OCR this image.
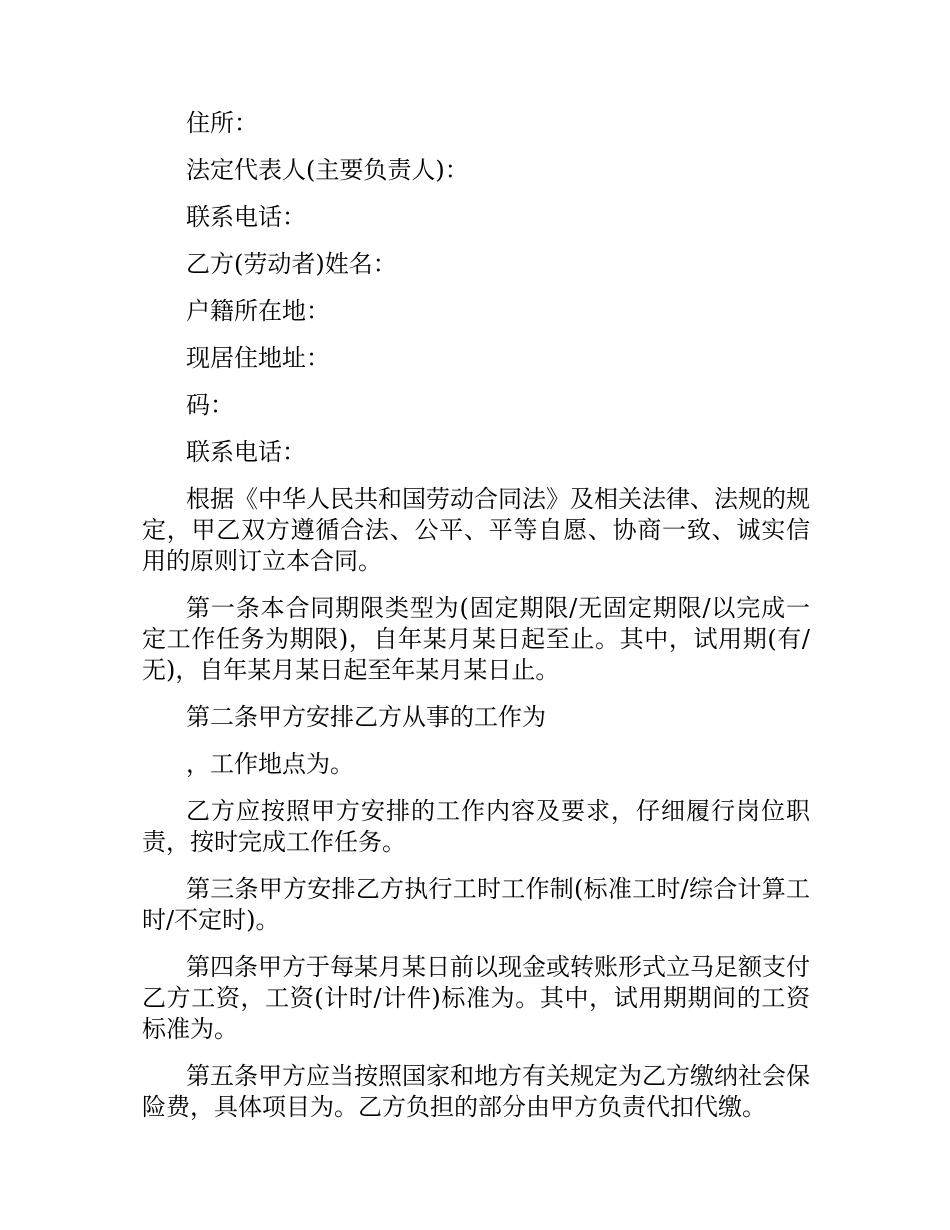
住所：

法定代表人(主要负责人)：

联系电话：

乙方(劳动者)姓名：

户籍所在地：

现居住地址：

码：

联系电话：

根据《中华人民共和国劳动合同法》及相关法律、法规的规定，甲乙双方遵循合法、公平、平等自愿、协商一致、诚实信用的原则订立本合同。

第一条本合同期限类型为(固定期限/无固定期限/以完成一定工作任务为期限)，自年某月某日起至止。其中，试用期(有/无)，自年某月某日起至年某月某日止。

第二条甲方安排乙方从事的工作为

，工作地点为。

乙方应按照甲方安排的工作内容及要求，仔细履行岗位职责，按时完成工作任务。

第三条甲方安排乙方执行工时工作制(标准工时/综合计算工时/不定时)。

第四条甲方于每某月某日前以现金或转账形式立马足额支付乙方工资，工资(计时/计件)标准为。其中，试用期期间的工资标准为。

第五条甲方应当按照国家和地方有关规定为乙方缴纳社会保险费，具体项目为。乙方负担的部分由甲方负责代扣代缴。
